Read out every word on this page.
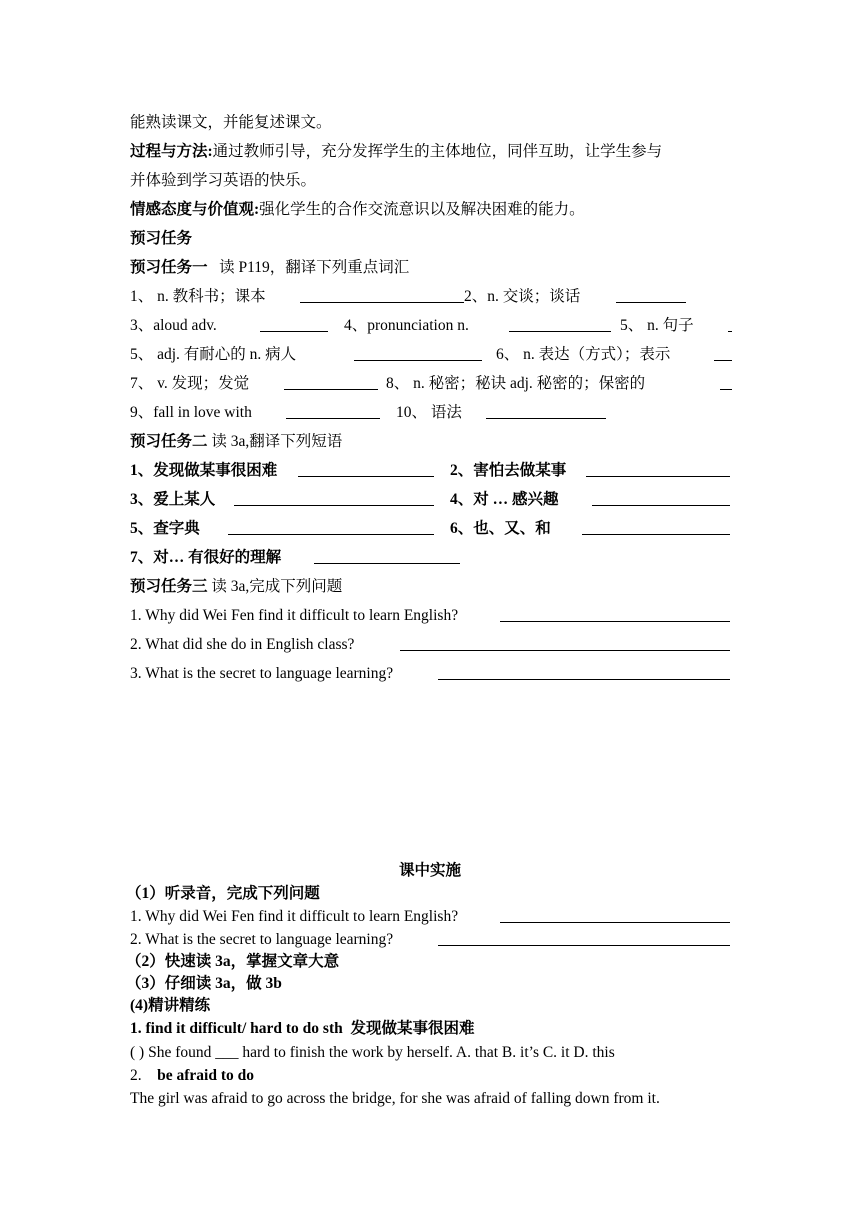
能熟读课文，并能复述课文。
过程与方法:通过教师引导，充分发挥学生的主体地位，同伴互助，让学生参与
并体验到学习英语的快乐。
情感态度与价值观:强化学生的合作交流意识以及解决困难的能力。
预习任务
预习任务一 读 P119，翻译下列重点词汇
1、 n. 教科书；课本	2、n. 交谈；谈话
3、aloud adv.	4、pronunciation n.	5、 n. 句子
5、 adj. 有耐心的 n. 病人	6、 n. 表达（方式）；表示
7、 v. 发现；发觉	8、 n. 秘密；秘诀 adj. 秘密的；保密的
9、fall in love with	10、 语法
预习任务二 读 3a,翻译下列短语
1、发现做某事很困难	2、害怕去做某事
3、爱上某人	4、对 … 感兴趣
5、查字典	6、也、又、和
7、对… 有很好的理解
预习任务三 读 3a,完成下列问题
1. Why did Wei Fen find it difficult to learn English?
2. What did she do in English class?
3. What is the secret to language learning?
课中实施
（1）听录音，完成下列问题
1. Why did Wei Fen find it difficult to learn English?
2. What is the secret to language learning?
（2）快速读 3a，掌握文章大意
（3）仔细读 3a，做 3b
(4)精讲精练
1. find it difficult/ hard to do sth 发现做某事很困难
( ) She found ___ hard to finish the work by herself. A. that B. it’s C. it D. this
2. be afraid to do
The girl was afraid to go across the bridge, for she was afraid of falling down from it.
